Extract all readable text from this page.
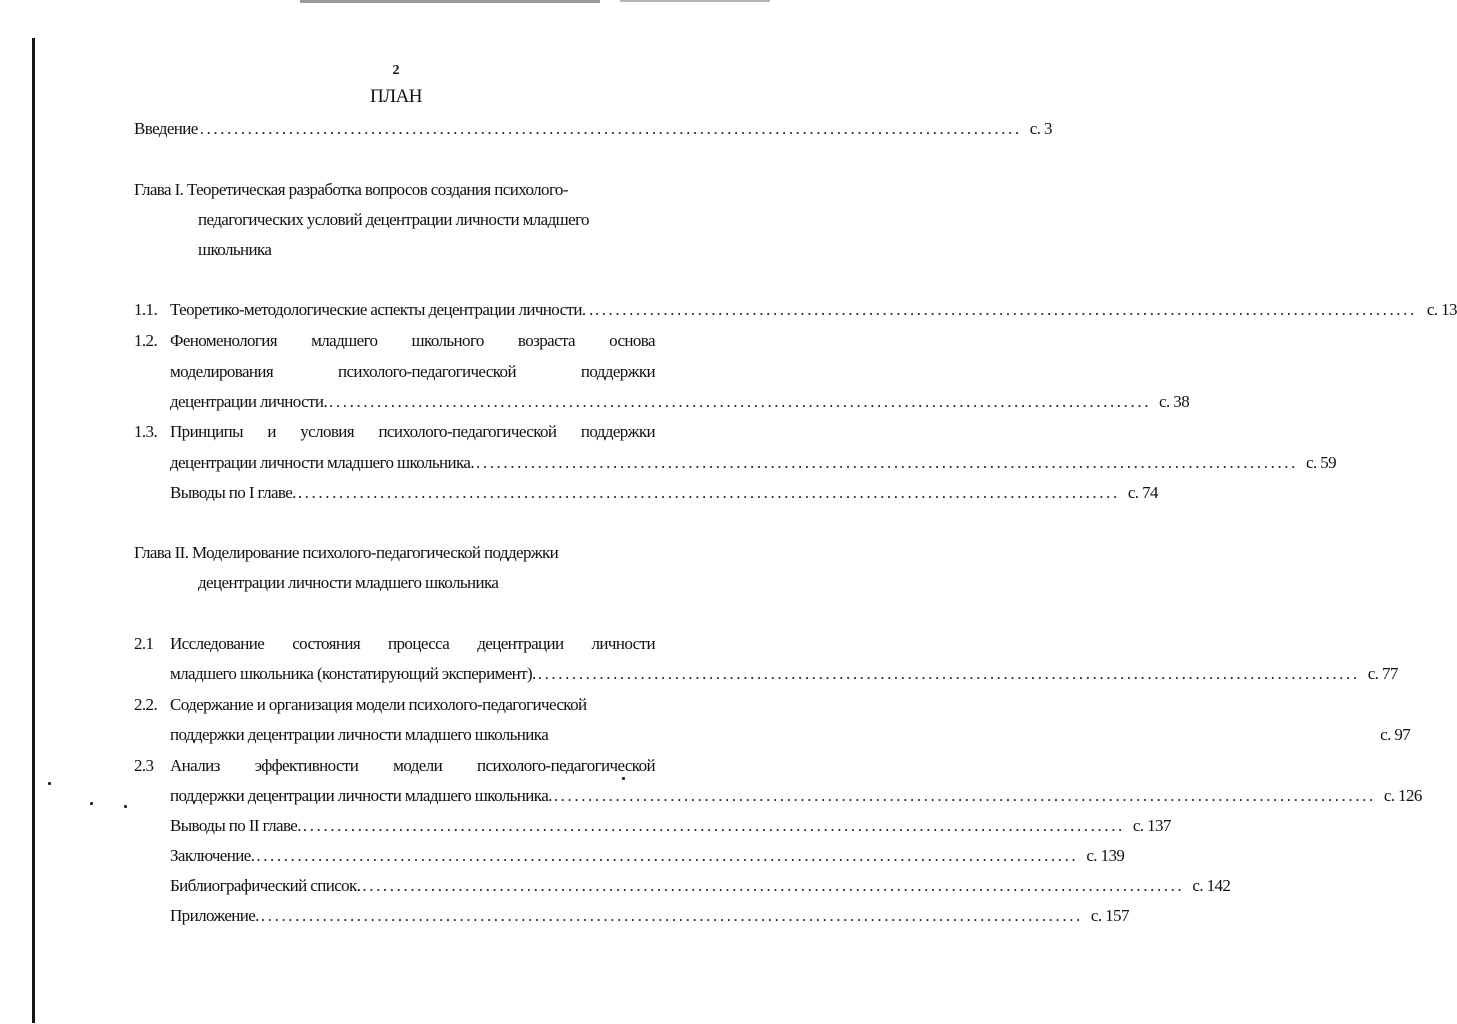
2
ПЛАН
Введение ........................................................................................................................ с. 3
Глава I. Теоретическая разработка вопросов создания психолого-
педагогических условий децентрации личности младшего
школьника
1.1. Теоретико-методологические аспекты децентрации личности. . ........................................................................................................................ с. 13
1.2. Феноменология младшего школьного возраста основа
моделирования	психолого-педагогической	поддержки
децентрации личности. ........................................................................................................................ с. 38
1.3. Принципы и условия психолого-педагогической поддержки
децентрации личности младшего школьника. ........................................................................................................................ с. 59
Выводы по I главе. ........................................................................................................................ с. 74
Глава II. Моделирование психолого-педагогической поддержки
децентрации личности младшего школьника
2.1 Исследование состояния процесса децентрации личности
младшего школьника (констатирующий эксперимент). ........................................................................................................................ с. 77
2.2. Содержание и организация модели психолого-педагогической
поддержки децентрации личности младшего школьника	с. 97
2.3 Анализ эффективности модели психолого-педагогической
поддержки децентрации личности младшего школьника. ........................................................................................................................ с. 126
Выводы по II главе. ........................................................................................................................ с. 137
Заключение. ........................................................................................................................ с. 139
Библиографический список. ........................................................................................................................ с. 142
Приложение. ........................................................................................................................ с. 157
